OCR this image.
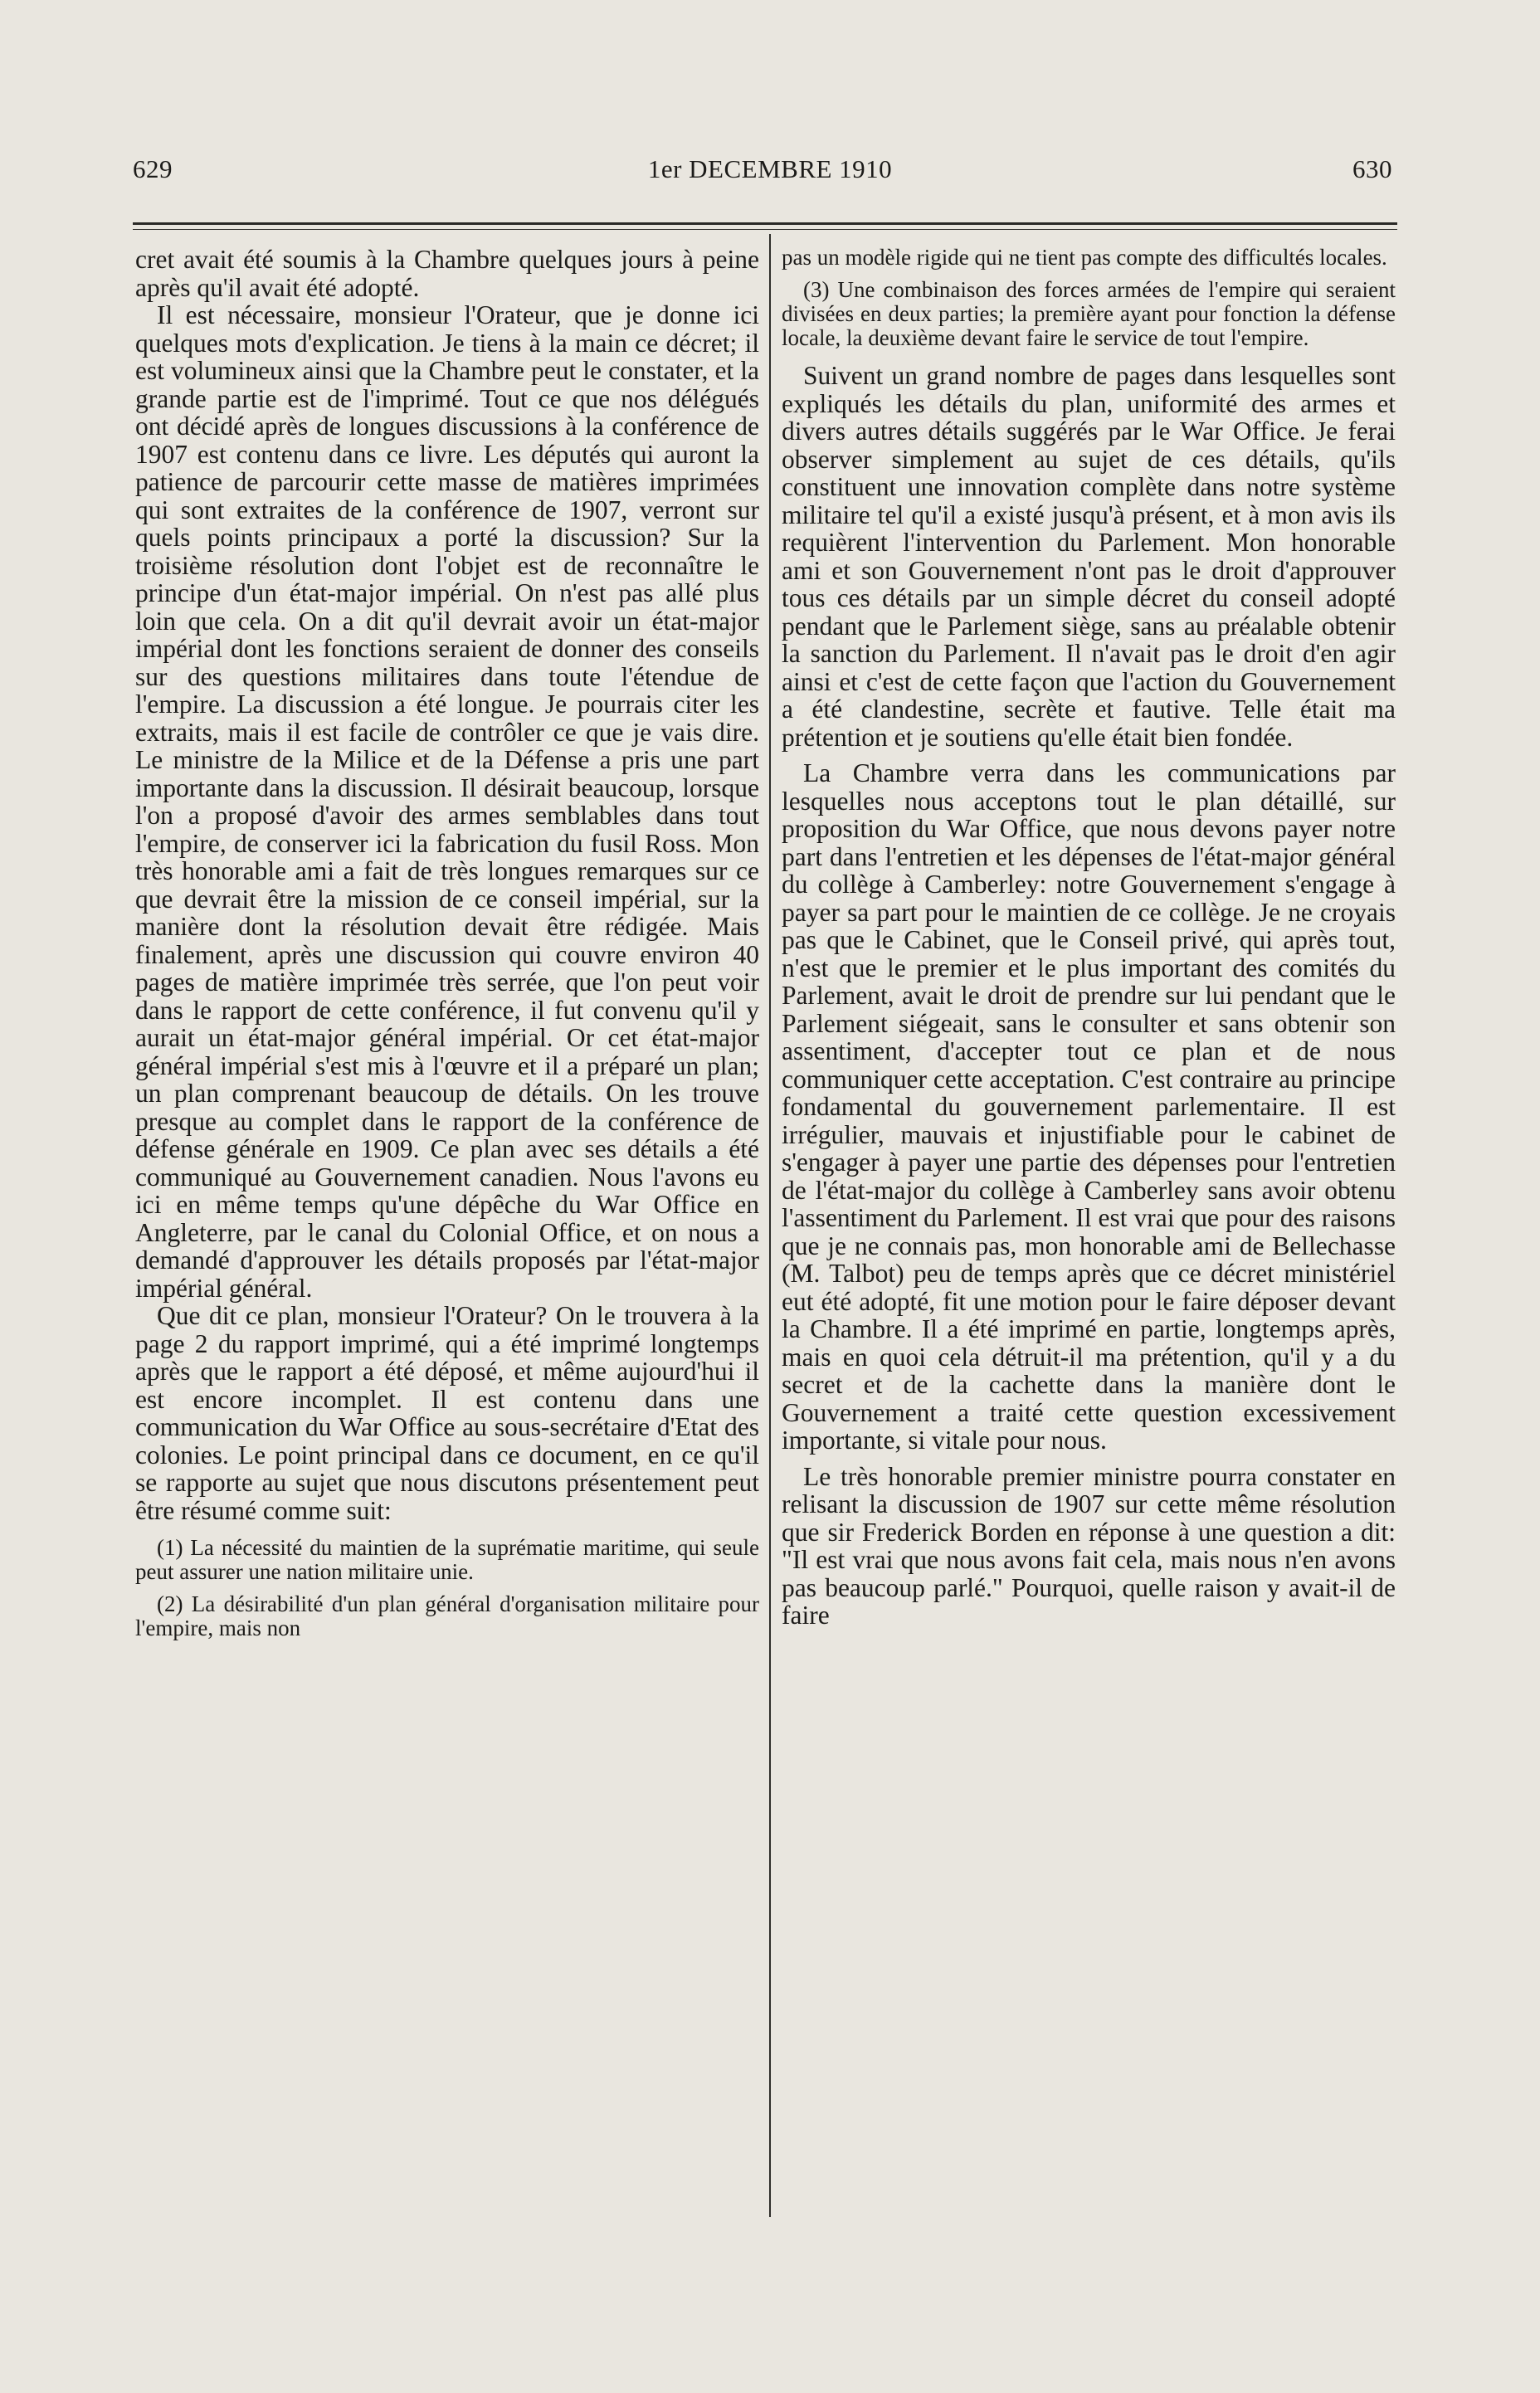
629	1er DECEMBRE 1910	630

cret avait été soumis à la Chambre quelques jours à peine après qu'il avait été adopté.

Il est nécessaire, monsieur l'Orateur, que je donne ici quelques mots d'explication. Je tiens à la main ce décret; il est volumineux ainsi que la Chambre peut le constater, et la grande partie est de l'imprimé. Tout ce que nos délégués ont décidé après de longues discussions à la conférence de 1907 est contenu dans ce livre. Les députés qui auront la patience de parcourir cette masse de matières imprimées qui sont extraites de la conférence de 1907, verront sur quels points principaux a porté la discussion? Sur la troisième résolution dont l'objet est de reconnaître le principe d'un état-major impérial. On n'est pas allé plus loin que cela. On a dit qu'il devrait avoir un état-major impérial dont les fonctions seraient de donner des conseils sur des questions militaires dans toute l'étendue de l'empire. La discussion a été longue. Je pourrais citer les extraits, mais il est facile de contrôler ce que je vais dire. Le ministre de la Milice et de la Défense a pris une part importante dans la discussion. Il désirait beaucoup, lorsque l'on a proposé d'avoir des armes semblables dans tout l'empire, de conserver ici la fabrication du fusil Ross. Mon très honorable ami a fait de très longues remarques sur ce que devrait être la mission de ce conseil impérial, sur la manière dont la résolution devait être rédigée. Mais finalement, après une discussion qui couvre environ 40 pages de matière imprimée très serrée, que l'on peut voir dans le rapport de cette conférence, il fut convenu qu'il y aurait un état-major général impérial. Or cet état-major général impérial s'est mis à l'œuvre et il a préparé un plan; un plan comprenant beaucoup de détails. On les trouve presque au complet dans le rapport de la conférence de défense générale en 1909. Ce plan avec ses détails a été communiqué au Gouvernement canadien. Nous l'avons eu ici en même temps qu'une dépêche du War Office en Angleterre, par le canal du Colonial Office, et on nous a demandé d'approuver les détails proposés par l'état-major impérial général.

Que dit ce plan, monsieur l'Orateur? On le trouvera à la page 2 du rapport imprimé, qui a été imprimé longtemps après que le rapport a été déposé, et même aujourd'hui il est encore incomplet. Il est contenu dans une communication du War Office au sous-secrétaire d'Etat des colonies. Le point principal dans ce document, en ce qu'il se rapporte au sujet que nous discutons présentement peut être résumé comme suit:

(1) La nécessité du maintien de la suprématie maritime, qui seule peut assurer une nation militaire unie.

(2) La désirabilité d'un plan général d'organisation militaire pour l'empire, mais non

pas un modèle rigide qui ne tient pas compte des difficultés locales.

(3) Une combinaison des forces armées de l'empire qui seraient divisées en deux parties; la première ayant pour fonction la défense locale, la deuxième devant faire le service de tout l'empire.

Suivent un grand nombre de pages dans lesquelles sont expliqués les détails du plan, uniformité des armes et divers autres détails suggérés par le War Office. Je ferai observer simplement au sujet de ces détails, qu'ils constituent une innovation complète dans notre système militaire tel qu'il a existé jusqu'à présent, et à mon avis ils requièrent l'intervention du Parlement. Mon honorable ami et son Gouvernement n'ont pas le droit d'approuver tous ces détails par un simple décret du conseil adopté pendant que le Parlement siège, sans au préalable obtenir la sanction du Parlement. Il n'avait pas le droit d'en agir ainsi et c'est de cette façon que l'action du Gouvernement a été clandestine, secrète et fautive. Telle était ma prétention et je soutiens qu'elle était bien fondée.

La Chambre verra dans les communications par lesquelles nous acceptons tout le plan détaillé, sur proposition du War Office, que nous devons payer notre part dans l'entretien et les dépenses de l'état-major général du collège à Camberley: notre Gouvernement s'engage à payer sa part pour le maintien de ce collège. Je ne croyais pas que le Cabinet, que le Conseil privé, qui après tout, n'est que le premier et le plus important des comités du Parlement, avait le droit de prendre sur lui pendant que le Parlement siégeait, sans le consulter et sans obtenir son assentiment, d'accepter tout ce plan et de nous communiquer cette acceptation. C'est contraire au principe fondamental du gouvernement parlementaire. Il est irrégulier, mauvais et injustifiable pour le cabinet de s'engager à payer une partie des dépenses pour l'entretien de l'état-major du collège à Camberley sans avoir obtenu l'assentiment du Parlement. Il est vrai que pour des raisons que je ne connais pas, mon honorable ami de Bellechasse (M. Talbot) peu de temps après que ce décret ministériel eut été adopté, fit une motion pour le faire déposer devant la Chambre. Il a été imprimé en partie, longtemps après, mais en quoi cela détruit-il ma prétention, qu'il y a du secret et de la cachette dans la manière dont le Gouvernement a traité cette question excessivement importante, si vitale pour nous.

Le très honorable premier ministre pourra constater en relisant la discussion de 1907 sur cette même résolution que sir Frederick Borden en réponse à une question a dit: "Il est vrai que nous avons fait cela, mais nous n'en avons pas beaucoup parlé." Pourquoi, quelle raison y avait-il de faire
